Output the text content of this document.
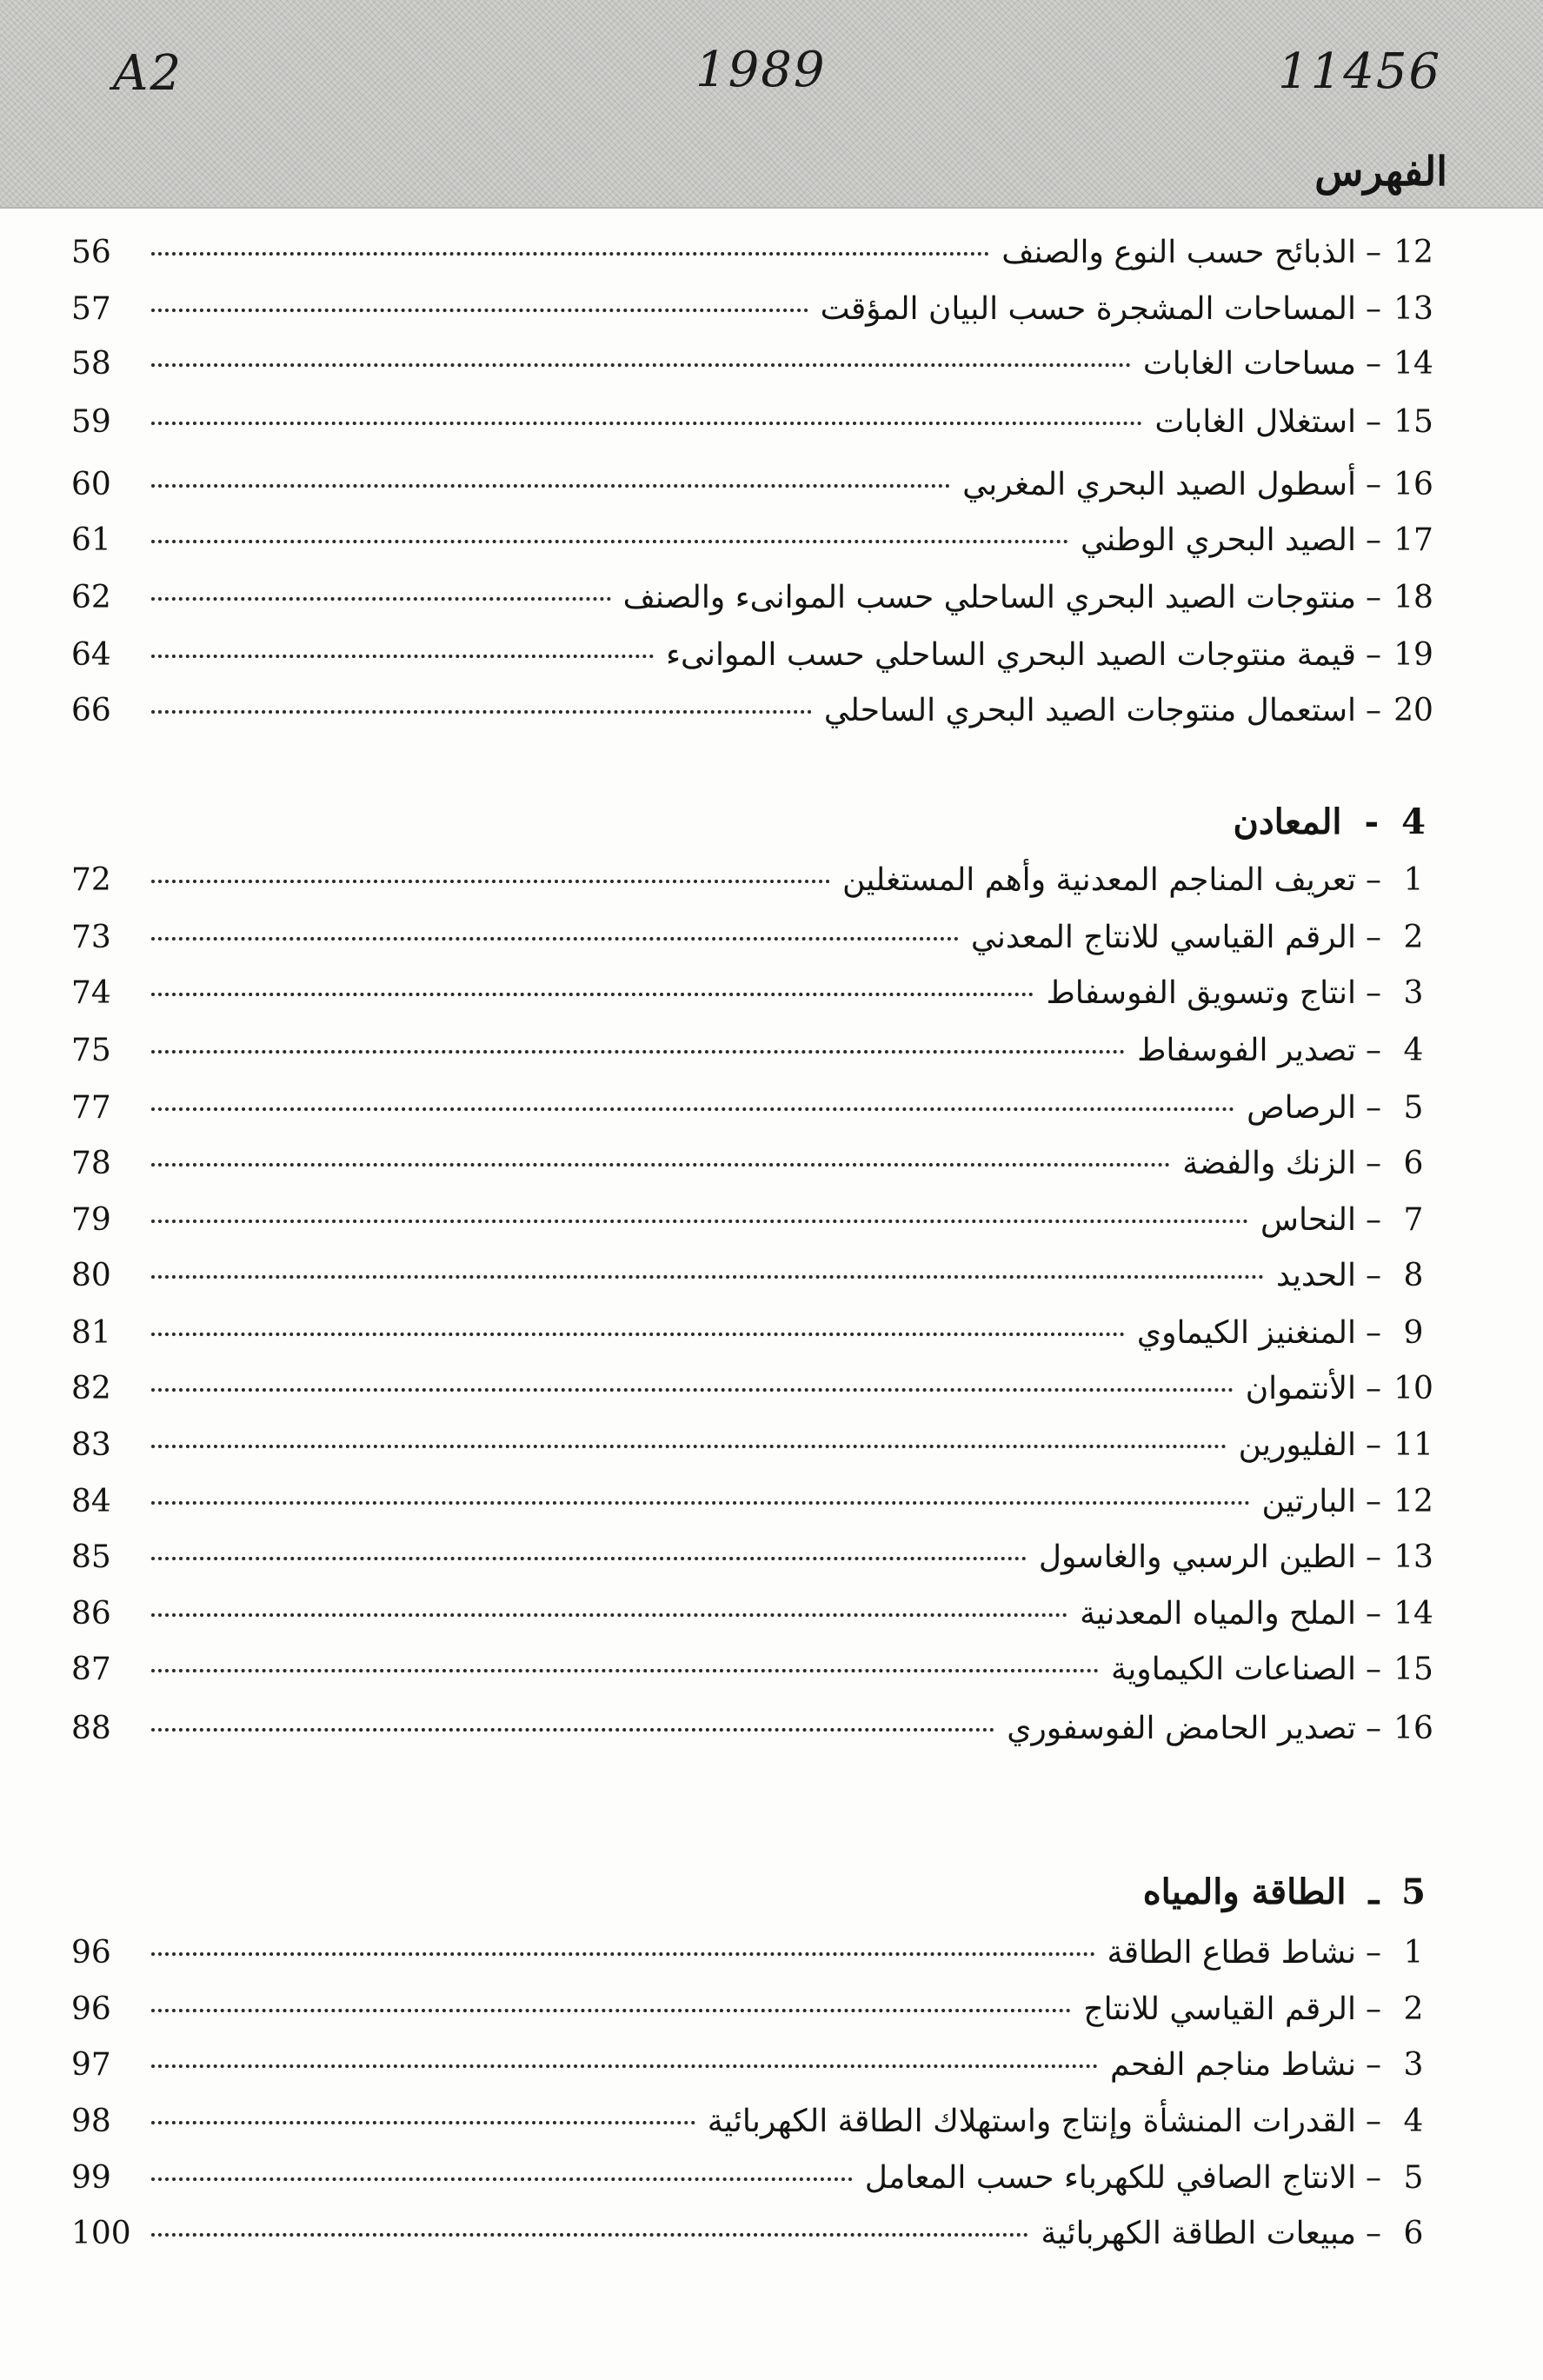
A2	1989	11456
الفهرس
12
–
الذبائح حسب النوع والصنف
56
13
–
المساحات المشجرة حسب البيان المؤقت
57
14
–
مساحات الغابات
58
15
–
استغلال الغابات
59
16
–
أسطول الصيد البحري المغربي
60
17
–
الصيد البحري الوطني
61
18
–
منتوجات الصيد البحري الساحلي حسب الموانىء والصنف
62
19
–
قيمة منتوجات الصيد البحري الساحلي حسب الموانىء
64
20
–
استعمال منتوجات الصيد البحري الساحلي
66
4-المعادن
1
–
تعريف المناجم المعدنية وأهم المستغلين
72
2
–
الرقم القياسي للانتاج المعدني
73
3
–
انتاج وتسويق الفوسفاط
74
4
–
تصدير الفوسفاط
75
5
–
الرصاص
77
6
–
الزنك والفضة
78
7
–
النحاس
79
8
–
الحديد
80
9
–
المنغنيز الكيماوي
81
10
–
الأنتموان
82
11
–
الفليورين
83
12
–
البارتين
84
13
–
الطين الرسبي والغاسول
85
14
–
الملح والمياه المعدنية
86
15
–
الصناعات الكيماوية
87
16
–
تصدير الحامض الفوسفوري
88
5ـالطاقة والمياه
1
–
نشاط قطاع الطاقة
96
2
–
الرقم القياسي للانتاج
96
3
–
نشاط مناجم الفحم
97
4
–
القدرات المنشأة وإنتاج واستهلاك الطاقة الكهربائية
98
5
–
الانتاج الصافي للكهرباء حسب المعامل
99
6
–
مبيعات الطاقة الكهربائية
100
